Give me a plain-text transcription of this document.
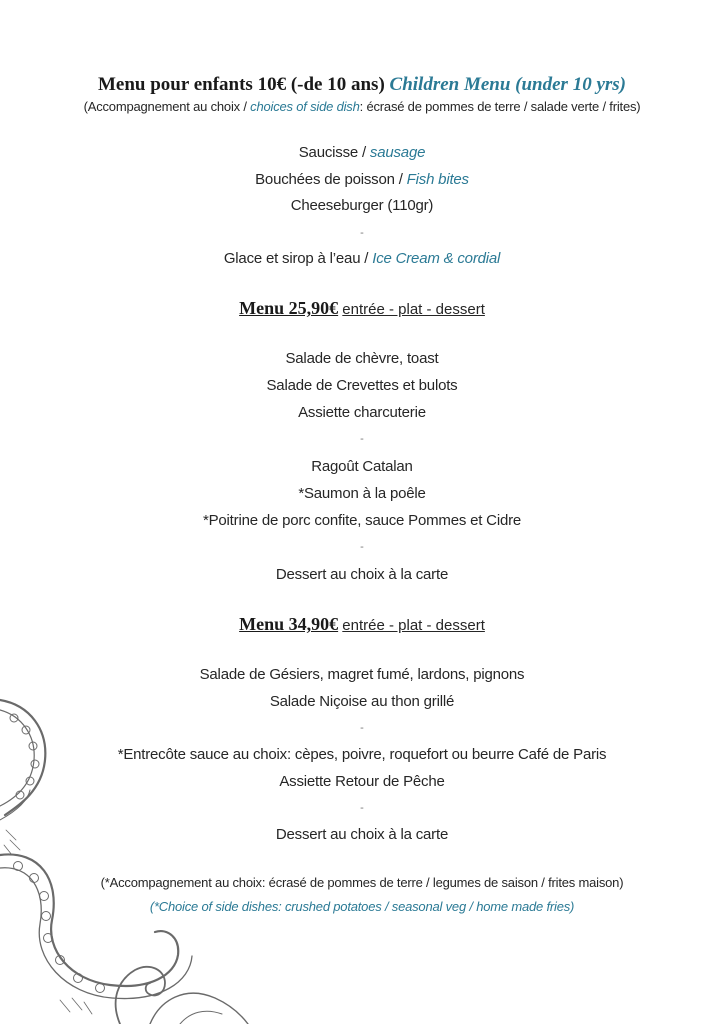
Menu pour enfants 10€ (-de 10 ans) Children Menu (under 10 yrs)
(Accompagnement au choix / choices of side dish: écrasé de pommes de terre / salade verte / frites)
Saucisse / sausage
Bouchées de poisson / Fish bites
Cheeseburger (110gr)
-
Glace et sirop à l’eau / Ice Cream & cordial
Menu 25,90€ entrée - plat - dessert
Salade de chèvre, toast
Salade de Crevettes et bulots
Assiette charcuterie
-
Ragoût Catalan
*Saumon à la poêle
*Poitrine de porc confite, sauce Pommes et Cidre
-
Dessert au choix à la carte
Menu 34,90€ entrée - plat - dessert
Salade de Gésiers, magret fumé, lardons, pignons
Salade Niçoise au thon grillé
-
*Entrecôte sauce au choix: cèpes, poivre, roquefort ou beurre Café de Paris
Assiette Retour de Pêche
-
Dessert au choix à la carte
(*Accompagnement au choix: écrasé de pommes de terre / legumes de saison / frites maison)
(*Choice of side dishes: crushed potatoes / seasonal veg / home made fries)
